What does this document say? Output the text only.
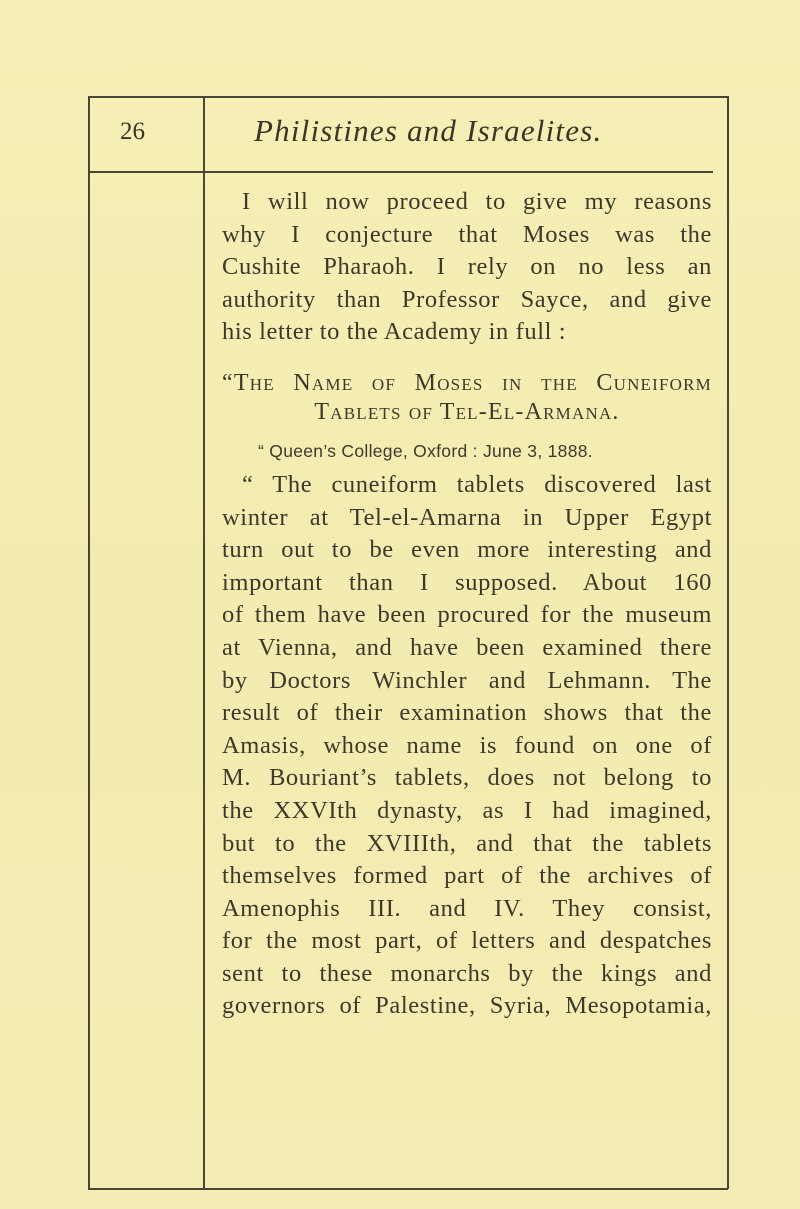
26	Philistines and Israelites.
I will now proceed to give my reasons
why I conjecture that Moses was the
Cushite Pharaoh. I rely on no less an
authority than Professor Sayce, and give
his letter to the Academy in full :
“The Name of Moses in the Cuneiform
Tablets of Tel-El-Armana.
“ Queen’s College, Oxford : June 3, 1888.
“ The cuneiform tablets discovered last
winter at Tel-el-Amarna in Upper Egypt
turn out to be even more interesting and
important than I supposed. About 160
of them have been procured for the museum
at Vienna, and have been examined there
by Doctors Winchler and Lehmann. The
result of their examination shows that the
Amasis, whose name is found on one of
M. Bouriant’s tablets, does not belong to
the XXVIth dynasty, as I had imagined,
but to the XVIIIth, and that the tablets
themselves formed part of the archives of
Amenophis III. and IV. They consist,
for the most part, of letters and despatches
sent to these monarchs by the kings and
governors of Palestine, Syria, Mesopotamia,
